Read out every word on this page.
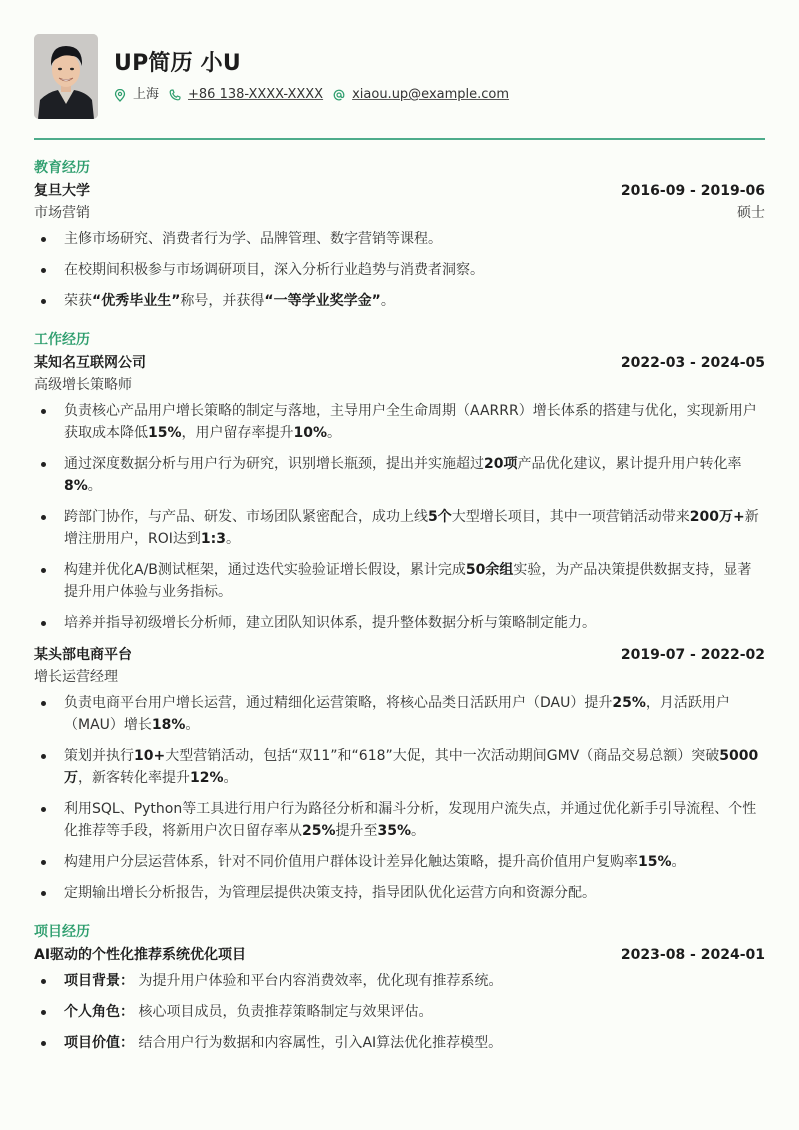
UP简历 小U
上海 +86 138-XXXX-XXXX xiaou.up@example.com
教育经历
复旦大学	2016-09 - 2019-06
市场营销	硕士
主修市场研究、消费者行为学、品牌管理、数字营销等课程。
在校期间积极参与市场调研项目，深入分析行业趋势与消费者洞察。
荣获“优秀毕业生”称号，并获得“一等学业奖学金”。
工作经历
某知名互联网公司	2022-03 - 2024-05
高级增长策略师
负责核心产品用户增长策略的制定与落地，主导用户全生命周期（AARRR）增长体系的搭建与优化，实现新用户获取成本降低15%，用户留存率提升10%。
通过深度数据分析与用户行为研究，识别增长瓶颈，提出并实施超过20项产品优化建议，累计提升用户转化率8%。
跨部门协作，与产品、研发、市场团队紧密配合，成功上线5个大型增长项目，其中一项营销活动带来200万+新增注册用户，ROI达到1:3。
构建并优化A/B测试框架，通过迭代实验验证增长假设，累计完成50余组实验，为产品决策提供数据支持，显著提升用户体验与业务指标。
培养并指导初级增长分析师，建立团队知识体系，提升整体数据分析与策略制定能力。
某头部电商平台	2019-07 - 2022-02
增长运营经理
负责电商平台用户增长运营，通过精细化运营策略，将核心品类日活跃用户（DAU）提升25%，月活跃用户（MAU）增长18%。
策划并执行10+大型营销活动，包括“双11”和“618”大促，其中一次活动期间GMV（商品交易总额）突破5000万，新客转化率提升12%。
利用SQL、Python等工具进行用户行为路径分析和漏斗分析，发现用户流失点，并通过优化新手引导流程、个性化推荐等手段，将新用户次日留存率从25%提升至35%。
构建用户分层运营体系，针对不同价值用户群体设计差异化触达策略，提升高价值用户复购率15%。
定期输出增长分析报告，为管理层提供决策支持，指导团队优化运营方向和资源分配。
项目经历
AI驱动的个性化推荐系统优化项目	2023-08 - 2024-01
项目背景： 为提升用户体验和平台内容消费效率，优化现有推荐系统。
个人角色： 核心项目成员，负责推荐策略制定与效果评估。
项目价值： 结合用户行为数据和内容属性，引入AI算法优化推荐模型。
